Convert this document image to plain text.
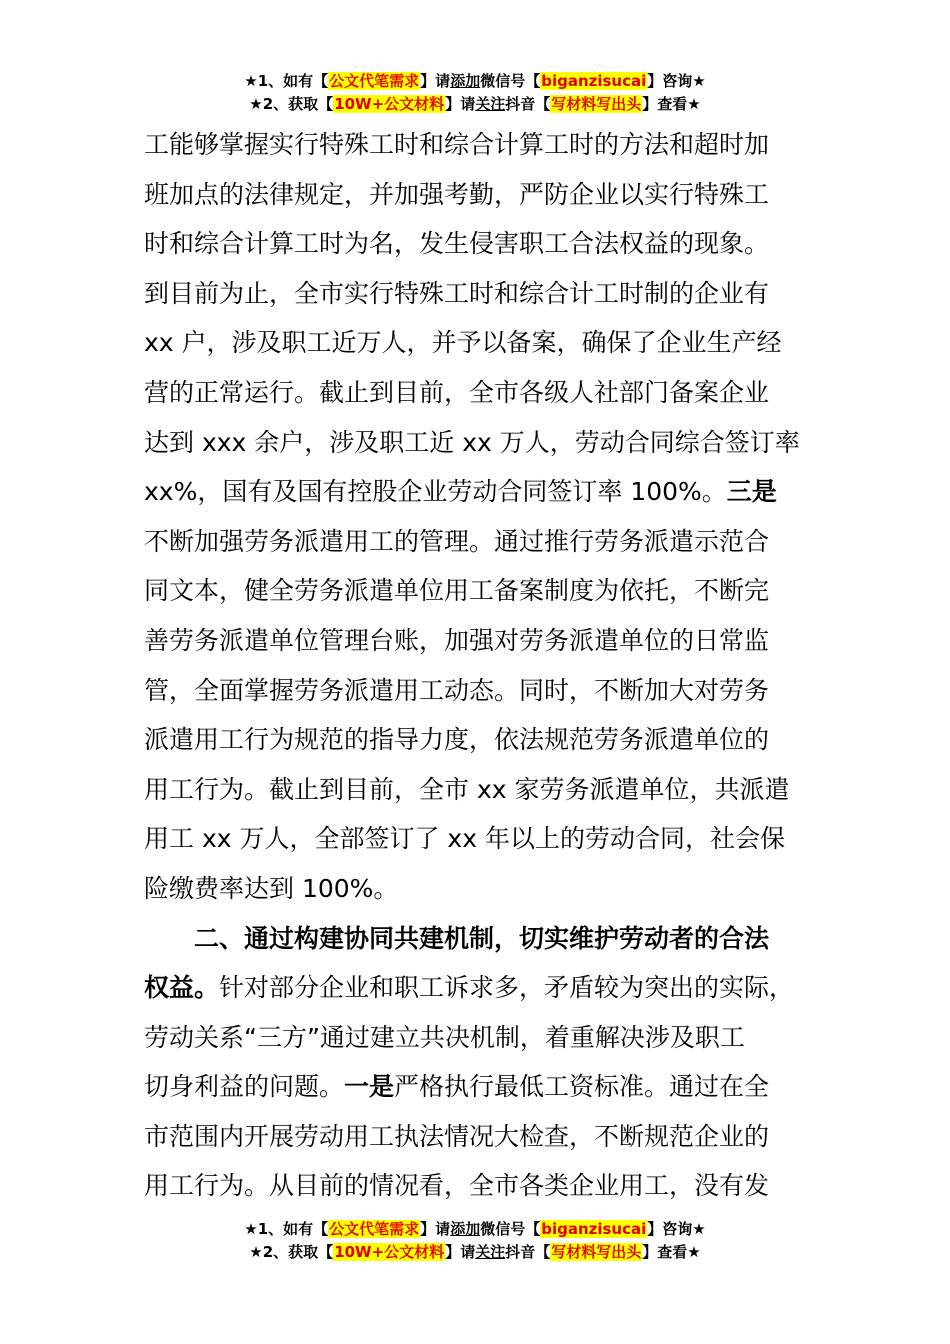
★1、如有【公文代笔需求】请添加微信号【biganzisucai】咨询★
★2、获取【10W+公文材料】请关注抖音【写材料写出头】查看★
工能够掌握实行特殊工时和综合计算工时的方法和超时加
班加点的法律规定，并加强考勤，严防企业以实行特殊工
时和综合计算工时为名，发生侵害职工合法权益的现象。
到目前为止，全市实行特殊工时和综合计工时制的企业有
xx 户，涉及职工近万人，并予以备案，确保了企业生产经
营的正常运行。截止到目前，全市各级人社部门备案企业
达到 xxx 余户，涉及职工近 xx 万人，劳动合同综合签订率
xx%，国有及国有控股企业劳动合同签订率 100%。三是
不断加强劳务派遣用工的管理。通过推行劳务派遣示范合
同文本，健全劳务派遣单位用工备案制度为依托，不断完
善劳务派遣单位管理台账，加强对劳务派遣单位的日常监
管，全面掌握劳务派遣用工动态。同时，不断加大对劳务
派遣用工行为规范的指导力度，依法规范劳务派遣单位的
用工行为。截止到目前，全市 xx 家劳务派遣单位，共派遣
用工 xx 万人，全部签订了 xx 年以上的劳动合同，社会保
险缴费率达到 100%。
二、通过构建协同共建机制，切实维护劳动者的合法
权益。针对部分企业和职工诉求多，矛盾较为突出的实际，
劳动关系“三方”通过建立共决机制，着重解决涉及职工
切身利益的问题。一是严格执行最低工资标准。通过在全
市范围内开展劳动用工执法情况大检查，不断规范企业的
用工行为。从目前的情况看，全市各类企业用工，没有发
★1、如有【公文代笔需求】请添加微信号【biganzisucai】咨询★
★2、获取【10W+公文材料】请关注抖音【写材料写出头】查看★
